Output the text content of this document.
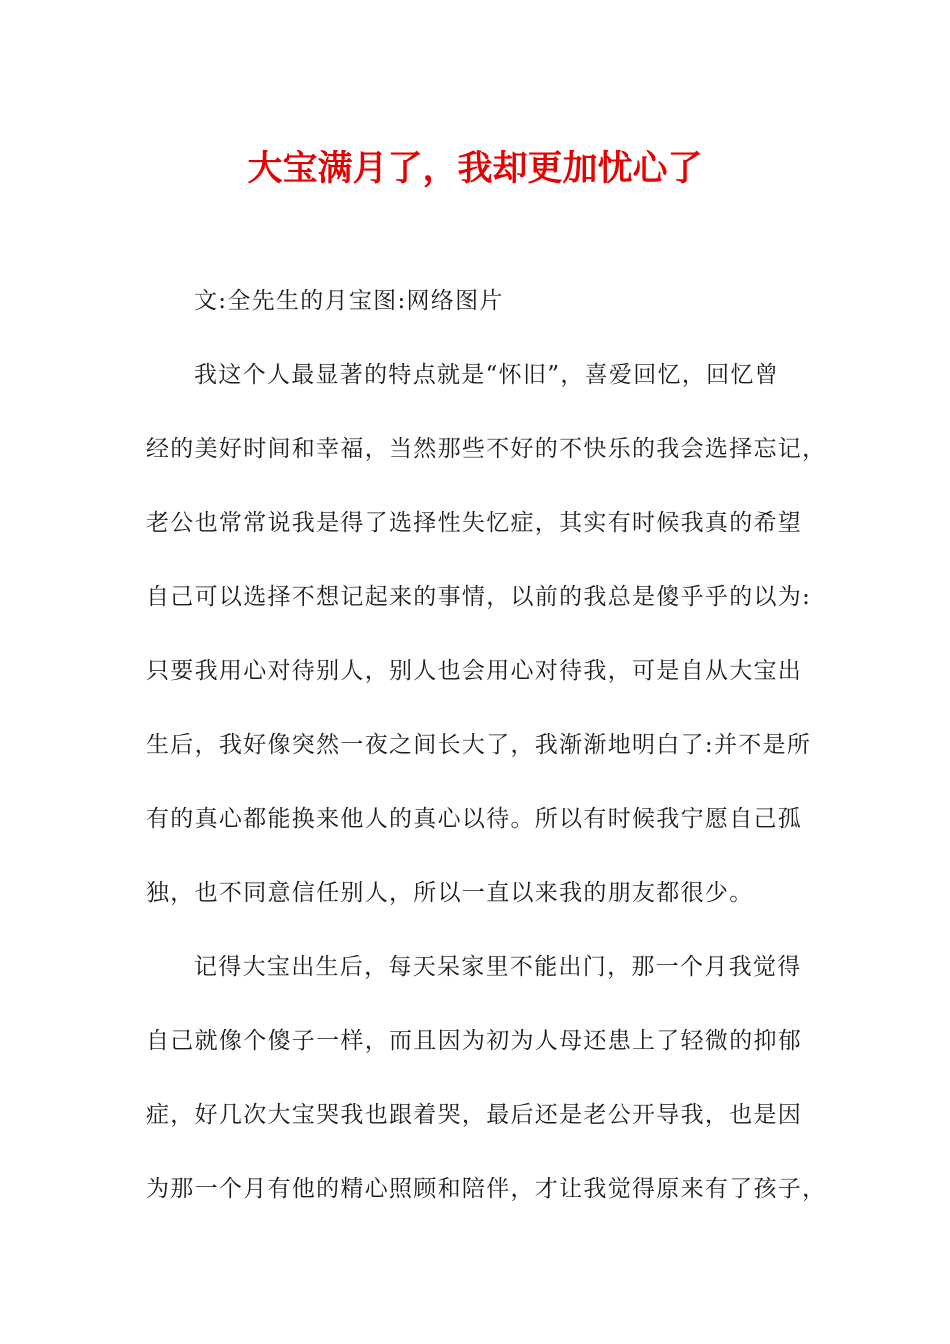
大宝满月了，我却更加忧心了
文:全先生的月宝图:网络图片
我这个人最显著的特点就是“怀旧”，喜爱回忆，回忆曾
经的美好时间和幸福，当然那些不好的不快乐的我会选择忘记，
老公也常常说我是得了选择性失忆症，其实有时候我真的希望
自己可以选择不想记起来的事情，以前的我总是傻乎乎的以为:
只要我用心对待别人，别人也会用心对待我，可是自从大宝出
生后，我好像突然一夜之间长大了，我渐渐地明白了:并不是所
有的真心都能换来他人的真心以待。所以有时候我宁愿自己孤
独，也不同意信任别人，所以一直以来我的朋友都很少。
记得大宝出生后，每天呆家里不能出门，那一个月我觉得
自己就像个傻子一样，而且因为初为人母还患上了轻微的抑郁
症，好几次大宝哭我也跟着哭，最后还是老公开导我，也是因
为那一个月有他的精心照顾和陪伴，才让我觉得原来有了孩子，
